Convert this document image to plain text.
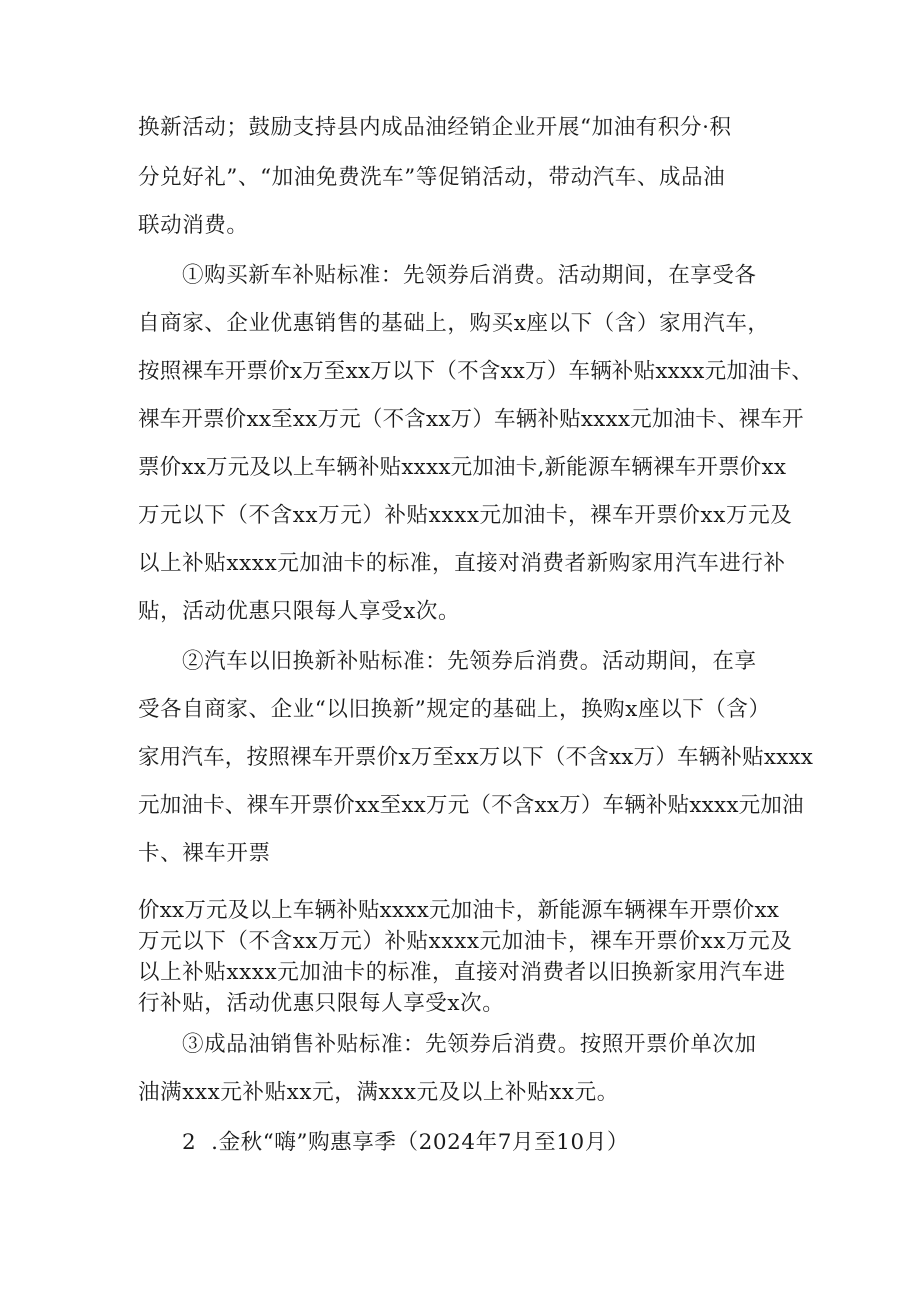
换新活动；鼓励支持县内成品油经销企业开展“加油有积分·积
分兑好礼”、“加油免费洗车”等促销活动，带动汽车、成品油
联动消费。
①购买新车补贴标准：先领券后消费。活动期间，在享受各
自商家、企业优惠销售的基础上，购买x座以下（含）家用汽车，
按照裸车开票价x万至xx万以下（不含xx万）车辆补贴xxxx元加油卡、
裸车开票价xx至xx万元（不含xx万）车辆补贴xxxx元加油卡、裸车开
票价xx万元及以上车辆补贴xxxx元加油卡,新能源车辆裸车开票价xx
万元以下（不含xx万元）补贴xxxx元加油卡，裸车开票价xx万元及
以上补贴xxxx元加油卡的标准，直接对消费者新购家用汽车进行补
贴，活动优惠只限每人享受x次。
②汽车以旧换新补贴标准：先领券后消费。活动期间，在享
受各自商家、企业“以旧换新”规定的基础上，换购x座以下（含）
家用汽车，按照裸车开票价x万至xx万以下（不含xx万）车辆补贴xxxx
元加油卡、裸车开票价xx至xx万元（不含xx万）车辆补贴xxxx元加油
卡、裸车开票
价xx万元及以上车辆补贴xxxx元加油卡，新能源车辆裸车开票价xx
万元以下（不含xx万元）补贴xxxx元加油卡，裸车开票价xx万元及
以上补贴xxxx元加油卡的标准，直接对消费者以旧换新家用汽车进
行补贴，活动优惠只限每人享受x次。
③成品油销售补贴标准：先领券后消费。按照开票价单次加
油满xxx元补贴xx元，满xxx元及以上补贴xx元。
2  .金秋“嗨”购惠享季（2024年7月至10月）
